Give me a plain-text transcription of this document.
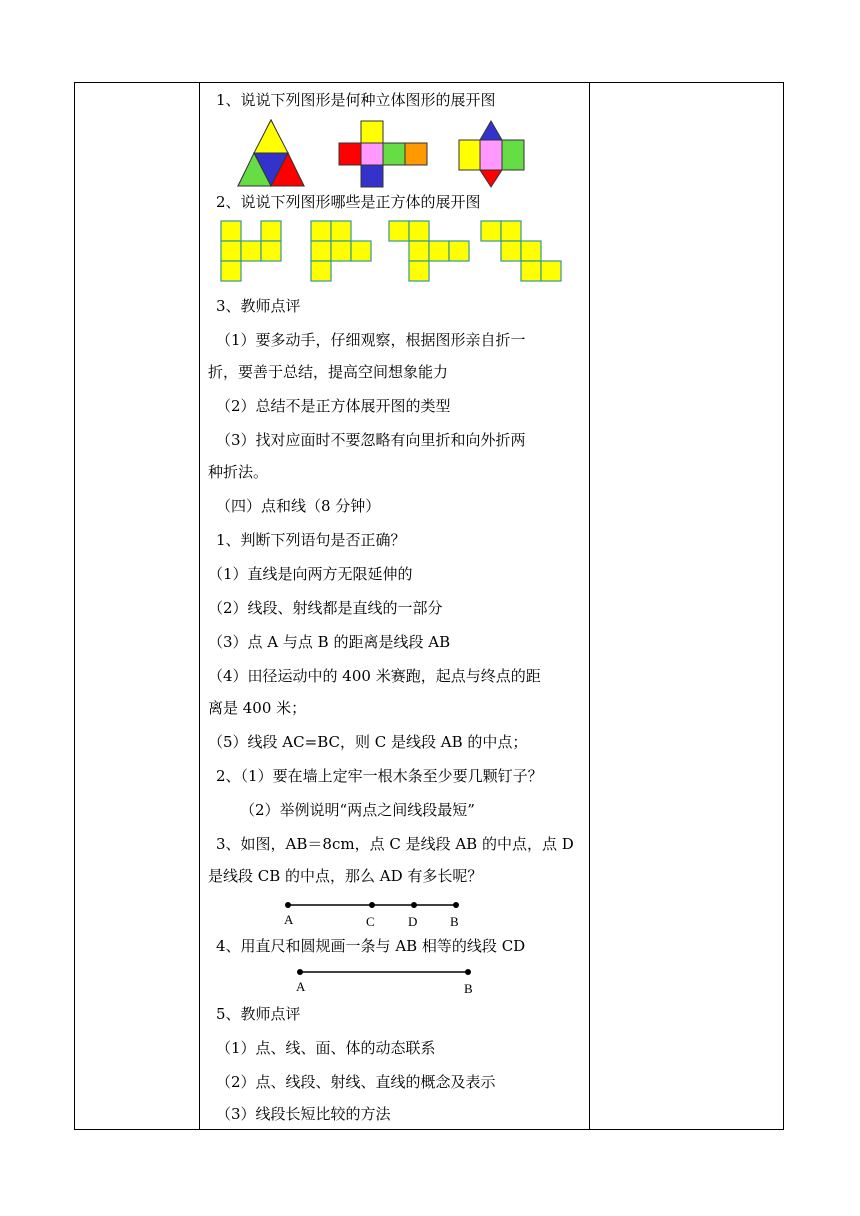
1、说说下列图形是何种立体图形的展开图
2、说说下列图形哪些是正方体的展开图
3、教师点评
（1）要多动手，仔细观察，根据图形亲自折一
折，要善于总结，提高空间想象能力
（2）总结不是正方体展开图的类型
（3）找对应面时不要忽略有向里折和向外折两
种折法。
（四）点和线（8 分钟）
1、判断下列语句是否正确？
（1）直线是向两方无限延伸的
（2）线段、射线都是直线的一部分
（3）点 A 与点 B 的距离是线段 AB
（4）田径运动中的 400 米赛跑，起点与终点的距
离是 400 米；
（5）线段 AC=BC，则 C 是线段 AB 的中点；
2、（1）要在墙上定牢一根木条至少要几颗钉子？
（2）举例说明“两点之间线段最短”
3、如图，AB＝8cm，点 C 是线段 AB 的中点，点 D
是线段 CB 的中点，那么 AD 有多长呢？
A	C	D	B
4、用直尺和圆规画一条与 AB 相等的线段 CD
A	B
5、教师点评
（1）点、线、面、体的动态联系
（2）点、线段、射线、直线的概念及表示
（3）线段长短比较的方法
